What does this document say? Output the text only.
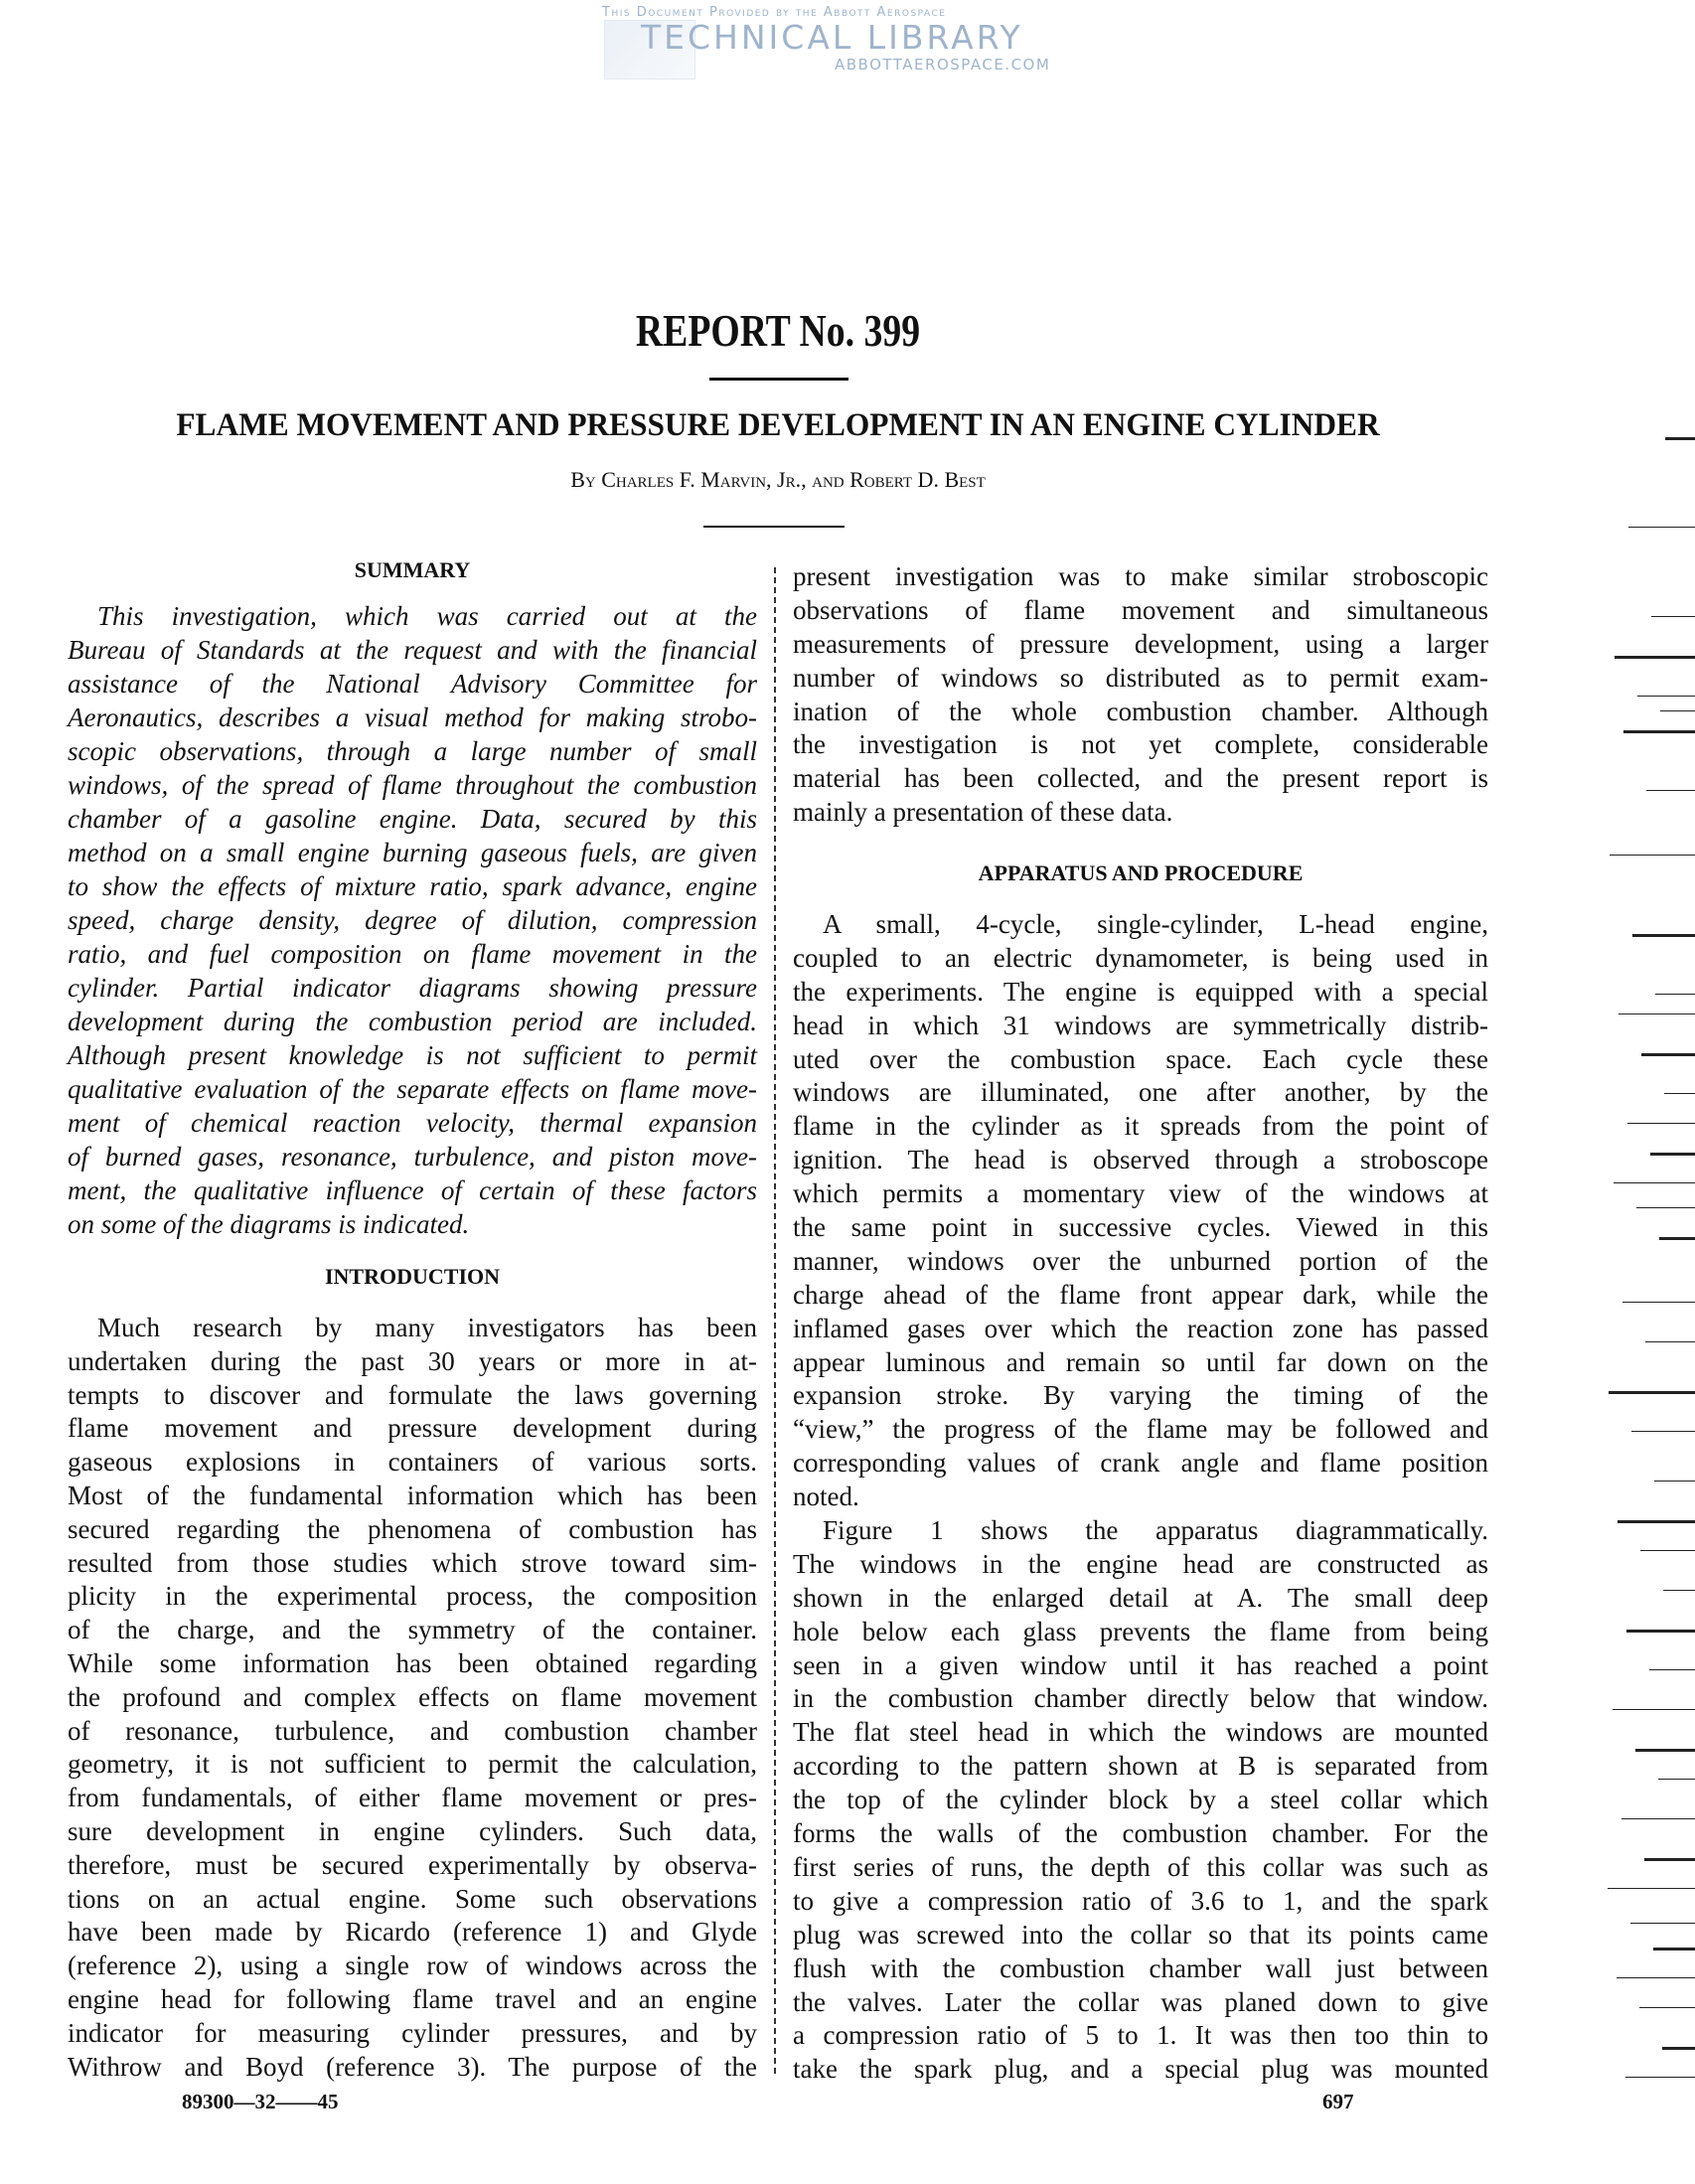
This Document Provided by the Abbott Aerospace
TECHNICAL LIBRARY
ABBOTTAEROSPACE.COM
REPORT No. 399
FLAME MOVEMENT AND PRESSURE DEVELOPMENT IN AN ENGINE CYLINDER
By Charles F. Marvin, Jr., and Robert D. Best
SUMMARY
This investigation, which was carried out at the
Bureau of Standards at the request and with the financial
assistance of the National Advisory Committee for
Aeronautics, describes a visual method for making strobo-
scopic observations, through a large number of small
windows, of the spread of flame throughout the combustion
chamber of a gasoline engine. Data, secured by this
method on a small engine burning gaseous fuels, are given
to show the effects of mixture ratio, spark advance, engine
speed, charge density, degree of dilution, compression
ratio, and fuel composition on flame movement in the
cylinder. Partial indicator diagrams showing pressure
development during the combustion period are included.
Although present knowledge is not sufficient to permit
qualitative evaluation of the separate effects on flame move-
ment of chemical reaction velocity, thermal expansion
of burned gases, resonance, turbulence, and piston move-
ment, the qualitative influence of certain of these factors
on some of the diagrams is indicated.
INTRODUCTION
Much research by many investigators has been
undertaken during the past 30 years or more in at-
tempts to discover and formulate the laws governing
flame movement and pressure development during
gaseous explosions in containers of various sorts.
Most of the fundamental information which has been
secured regarding the phenomena of combustion has
resulted from those studies which strove toward sim-
plicity in the experimental process, the composition
of the charge, and the symmetry of the container.
While some information has been obtained regarding
the profound and complex effects on flame movement
of resonance, turbulence, and combustion chamber
geometry, it is not sufficient to permit the calculation,
from fundamentals, of either flame movement or pres-
sure development in engine cylinders. Such data,
therefore, must be secured experimentally by observa-
tions on an actual engine. Some such observations
have been made by Ricardo (reference 1) and Glyde
(reference 2), using a single row of windows across the
engine head for following flame travel and an engine
indicator for measuring cylinder pressures, and by
Withrow and Boyd (reference 3). The purpose of the
present investigation was to make similar stroboscopic
observations of flame movement and simultaneous
measurements of pressure development, using a larger
number of windows so distributed as to permit exam-
ination of the whole combustion chamber. Although
the investigation is not yet complete, considerable
material has been collected, and the present report is
mainly a presentation of these data.
APPARATUS AND PROCEDURE
A small, 4-cycle, single-cylinder, L-head engine,
coupled to an electric dynamometer, is being used in
the experiments. The engine is equipped with a special
head in which 31 windows are symmetrically distrib-
uted over the combustion space. Each cycle these
windows are illuminated, one after another, by the
flame in the cylinder as it spreads from the point of
ignition. The head is observed through a stroboscope
which permits a momentary view of the windows at
the same point in successive cycles. Viewed in this
manner, windows over the unburned portion of the
charge ahead of the flame front appear dark, while the
inflamed gases over which the reaction zone has passed
appear luminous and remain so until far down on the
expansion stroke. By varying the timing of the
“view,” the progress of the flame may be followed and
corresponding values of crank angle and flame position
noted.
Figure 1 shows the apparatus diagrammatically.
The windows in the engine head are constructed as
shown in the enlarged detail at A. The small deep
hole below each glass prevents the flame from being
seen in a given window until it has reached a point
in the combustion chamber directly below that window.
The flat steel head in which the windows are mounted
according to the pattern shown at B is separated from
the top of the cylinder block by a steel collar which
forms the walls of the combustion chamber. For the
first series of runs, the depth of this collar was such as
to give a compression ratio of 3.6 to 1, and the spark
plug was screwed into the collar so that its points came
flush with the combustion chamber wall just between
the valves. Later the collar was planed down to give
a compression ratio of 5 to 1. It was then too thin to
take the spark plug, and a special plug was mounted
89300—32——45	697
